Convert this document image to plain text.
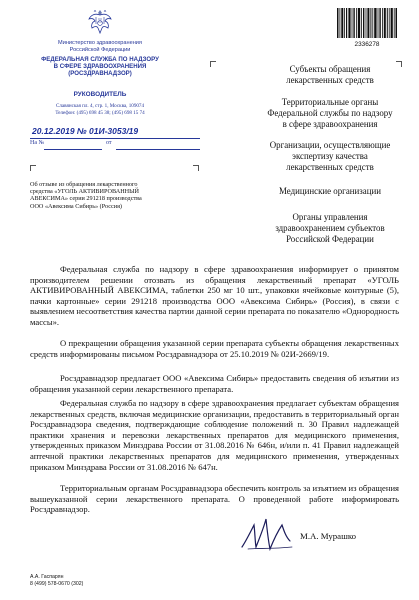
Министерство здравоохранения
Российской Федерации
ФЕДЕРАЛЬНАЯ СЛУЖБА ПО НАДЗОРУ
В СФЕРЕ ЗДРАВООХРАНЕНИЯ
(РОСЗДРАВНАДЗОР)
РУКОВОДИТЕЛЬ
Славянская пл. 4, стр. 1, Москва, 109074
Телефон: (495) 698 45 38; (495) 698 15 74
20.12.2019 № 01И-3053/19
На №	от
2336278
Субъекты обращения
лекарственных средств
Территориальные органы
Федеральной службы по надзору
в сфере здравоохранения
Организации, осуществляющие
экспертизу качества
лекарственных средств
Медицинские организации
Органы управления
здравоохранением субъектов
Российской Федерации
Об отзыве из обращения лекарственного
средства «УГОЛЬ АКТИВИРОВАННЫЙ
АВЕКСИМА» серии 291218 производства
ООО «Авексима Сибирь» (Россия)

Федеральная служба по надзору в сфере здравоохранения информирует о принятом производителем решении отозвать из обращения лекарственный препарат «УГОЛЬ АКТИВИРОВАННЫЙ АВЕКСИМА, таблетки 250 мг 10 шт., упаковки ячейковые контурные (5), пачки картонные» серии 291218 производства ООО «Авексима Сибирь» (Россия), в связи с выявлением несоответствия качества партии данной серии препарата по показателю «Однородность массы».

О прекращении обращения указанной серии препарата субъекты обращения лекарственных средств информированы письмом Росздравнадзора от 25.10.2019 № 02И-2669/19.

Росздравнадзор предлагает ООО «Авексима Сибирь» предоставить сведения об изъятии из обращения указанной серии лекарственного препарата.

Федеральная служба по надзору в сфере здравоохранения предлагает субъектам обращения лекарственных средств, включая медицинские организации, предоставить в территориальный орган Росздравнадзора сведения, подтверждающие соблюдение положений п. 30 Правил надлежащей практики хранения и перевозки лекарственных препаратов для медицинского применения, утвержденных приказом Минздрава России от 31.08.2016 № 646н, и/или п. 41 Правил надлежащей аптечной практики лекарственных препаратов для медицинского применения, утвержденных приказом Минздрава России от 31.08.2016 № 647н.

Территориальным органам Росздравнадзора обеспечить контроль за изъятием из обращения вышеуказанной серии лекарственного препарата. О проведенной работе информировать Росздравнадзор.

М.А. Мурашко
А.А. Гаспарян
8 (499) 578-0670 (302)
